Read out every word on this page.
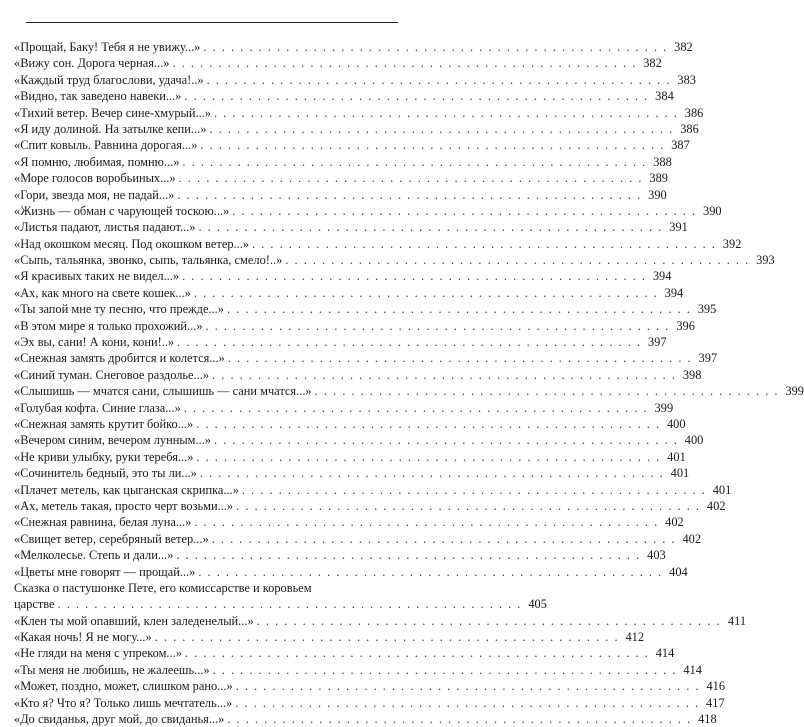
«Прощай, Баку! Тебя я не увижу...» . . . . . . . . . . . . . . . . . . . . . . . . . . . . . . . . . . . . . . . . . . . . . . . . . . . 382
«Вижу сон. Дорога черная...» . . . . . . . . . . . . . . . . . . . . . . . . . . . . . . . . . . . . . . . . . . . . . . . . . . . 382
«Каждый труд благослови, удача!..» . . . . . . . . . . . . . . . . . . . . . . . . . . . . . . . . . . . . . . . . . . . . . . . . . . . 383
«Видно, так заведено навеки...» . . . . . . . . . . . . . . . . . . . . . . . . . . . . . . . . . . . . . . . . . . . . . . . . . . . 384
«Тихий ветер. Вечер сине-хмурый...» . . . . . . . . . . . . . . . . . . . . . . . . . . . . . . . . . . . . . . . . . . . . . . . . . . . 386
«Я иду долиной. На затылке кепи...» . . . . . . . . . . . . . . . . . . . . . . . . . . . . . . . . . . . . . . . . . . . . . . . . . . . 386
«Спит ковыль. Равнина дорогая...» . . . . . . . . . . . . . . . . . . . . . . . . . . . . . . . . . . . . . . . . . . . . . . . . . . . 387
«Я помню, любимая, помню...» . . . . . . . . . . . . . . . . . . . . . . . . . . . . . . . . . . . . . . . . . . . . . . . . . . . 388
«Море голосов воробьиных...» . . . . . . . . . . . . . . . . . . . . . . . . . . . . . . . . . . . . . . . . . . . . . . . . . . . 389
«Гори, звезда моя, не падай...» . . . . . . . . . . . . . . . . . . . . . . . . . . . . . . . . . . . . . . . . . . . . . . . . . . . 390
«Жизнь — обман с чарующей тоскою...» . . . . . . . . . . . . . . . . . . . . . . . . . . . . . . . . . . . . . . . . . . . . . . . . . . . 390
«Листья падают, листья падают...» . . . . . . . . . . . . . . . . . . . . . . . . . . . . . . . . . . . . . . . . . . . . . . . . . . . 391
«Над окошком месяц. Под окошком ветер...» . . . . . . . . . . . . . . . . . . . . . . . . . . . . . . . . . . . . . . . . . . . . . . . . . . . 392
«Сыпь, тальянка, звонко, сыпь, тальянка, смело!..» . . . . . . . . . . . . . . . . . . . . . . . . . . . . . . . . . . . . . . . . . . . . . . . . . . . 393
«Я красивых таких не видел...» . . . . . . . . . . . . . . . . . . . . . . . . . . . . . . . . . . . . . . . . . . . . . . . . . . . 394
«Ах, как много на свете кошек...» . . . . . . . . . . . . . . . . . . . . . . . . . . . . . . . . . . . . . . . . . . . . . . . . . . . 394
«Ты запой мне ту песню, что прежде...» . . . . . . . . . . . . . . . . . . . . . . . . . . . . . . . . . . . . . . . . . . . . . . . . . . . 395
«В этом мире я только прохожий...» . . . . . . . . . . . . . . . . . . . . . . . . . . . . . . . . . . . . . . . . . . . . . . . . . . . 396
«Эх вы, сани! А кони, кони!..» . . . . . . . . . . . . . . . . . . . . . . . . . . . . . . . . . . . . . . . . . . . . . . . . . . . 397
«Снежная замять дробится и колется...» . . . . . . . . . . . . . . . . . . . . . . . . . . . . . . . . . . . . . . . . . . . . . . . . . . . 397
«Синий туман. Снеговое раздолье...» . . . . . . . . . . . . . . . . . . . . . . . . . . . . . . . . . . . . . . . . . . . . . . . . . . . 398
«Слышишь — мчатся сани, слышишь — сани мчатся...» . . . . . . . . . . . . . . . . . . . . . . . . . . . . . . . . . . . . . . . . . . . . . . . . . . . 399
«Голубая кофта. Синие глаза...» . . . . . . . . . . . . . . . . . . . . . . . . . . . . . . . . . . . . . . . . . . . . . . . . . . . 399
«Снежная замять крутит бойко...» . . . . . . . . . . . . . . . . . . . . . . . . . . . . . . . . . . . . . . . . . . . . . . . . . . . 400
«Вечером синим, вечером лунным...» . . . . . . . . . . . . . . . . . . . . . . . . . . . . . . . . . . . . . . . . . . . . . . . . . . . 400
«Не криви улыбку, руки теребя...» . . . . . . . . . . . . . . . . . . . . . . . . . . . . . . . . . . . . . . . . . . . . . . . . . . . 401
«Сочинитель бедный, это ты ли...» . . . . . . . . . . . . . . . . . . . . . . . . . . . . . . . . . . . . . . . . . . . . . . . . . . . 401
«Плачет метель, как цыганская скрипка...» . . . . . . . . . . . . . . . . . . . . . . . . . . . . . . . . . . . . . . . . . . . . . . . . . . . 401
«Ах, метель такая, просто черт возьми...» . . . . . . . . . . . . . . . . . . . . . . . . . . . . . . . . . . . . . . . . . . . . . . . . . . . 402
«Снежная равнина, белая луна...» . . . . . . . . . . . . . . . . . . . . . . . . . . . . . . . . . . . . . . . . . . . . . . . . . . . 402
«Свищет ветер, серебряный ветер...» . . . . . . . . . . . . . . . . . . . . . . . . . . . . . . . . . . . . . . . . . . . . . . . . . . . 402
«Мелколесье. Степь и дали...» . . . . . . . . . . . . . . . . . . . . . . . . . . . . . . . . . . . . . . . . . . . . . . . . . . . 403
«Цветы мне говорят — прощай...» . . . . . . . . . . . . . . . . . . . . . . . . . . . . . . . . . . . . . . . . . . . . . . . . . . . 404
Сказка о пастушонке Пете, его комиссарстве и коровьем
царстве . . . . . . . . . . . . . . . . . . . . . . . . . . . . . . . . . . . . . . . . . . . . . . . . . . . 405
«Клен ты мой опавший, клен заледенелый...» . . . . . . . . . . . . . . . . . . . . . . . . . . . . . . . . . . . . . . . . . . . . . . . . . . . 411
«Какая ночь! Я не могу...» . . . . . . . . . . . . . . . . . . . . . . . . . . . . . . . . . . . . . . . . . . . . . . . . . . . 412
«Не гляди на меня с упреком...» . . . . . . . . . . . . . . . . . . . . . . . . . . . . . . . . . . . . . . . . . . . . . . . . . . . 414
«Ты меня не любишь, не жалеешь...» . . . . . . . . . . . . . . . . . . . . . . . . . . . . . . . . . . . . . . . . . . . . . . . . . . . 414
«Может, поздно, может, слишком рано...» . . . . . . . . . . . . . . . . . . . . . . . . . . . . . . . . . . . . . . . . . . . . . . . . . . . 416
«Кто я? Что я? Только лишь мечтатель...» . . . . . . . . . . . . . . . . . . . . . . . . . . . . . . . . . . . . . . . . . . . . . . . . . . . 417
«До свиданья, друг мой, до свиданья...» . . . . . . . . . . . . . . . . . . . . . . . . . . . . . . . . . . . . . . . . . . . . . . . . . . . 418
